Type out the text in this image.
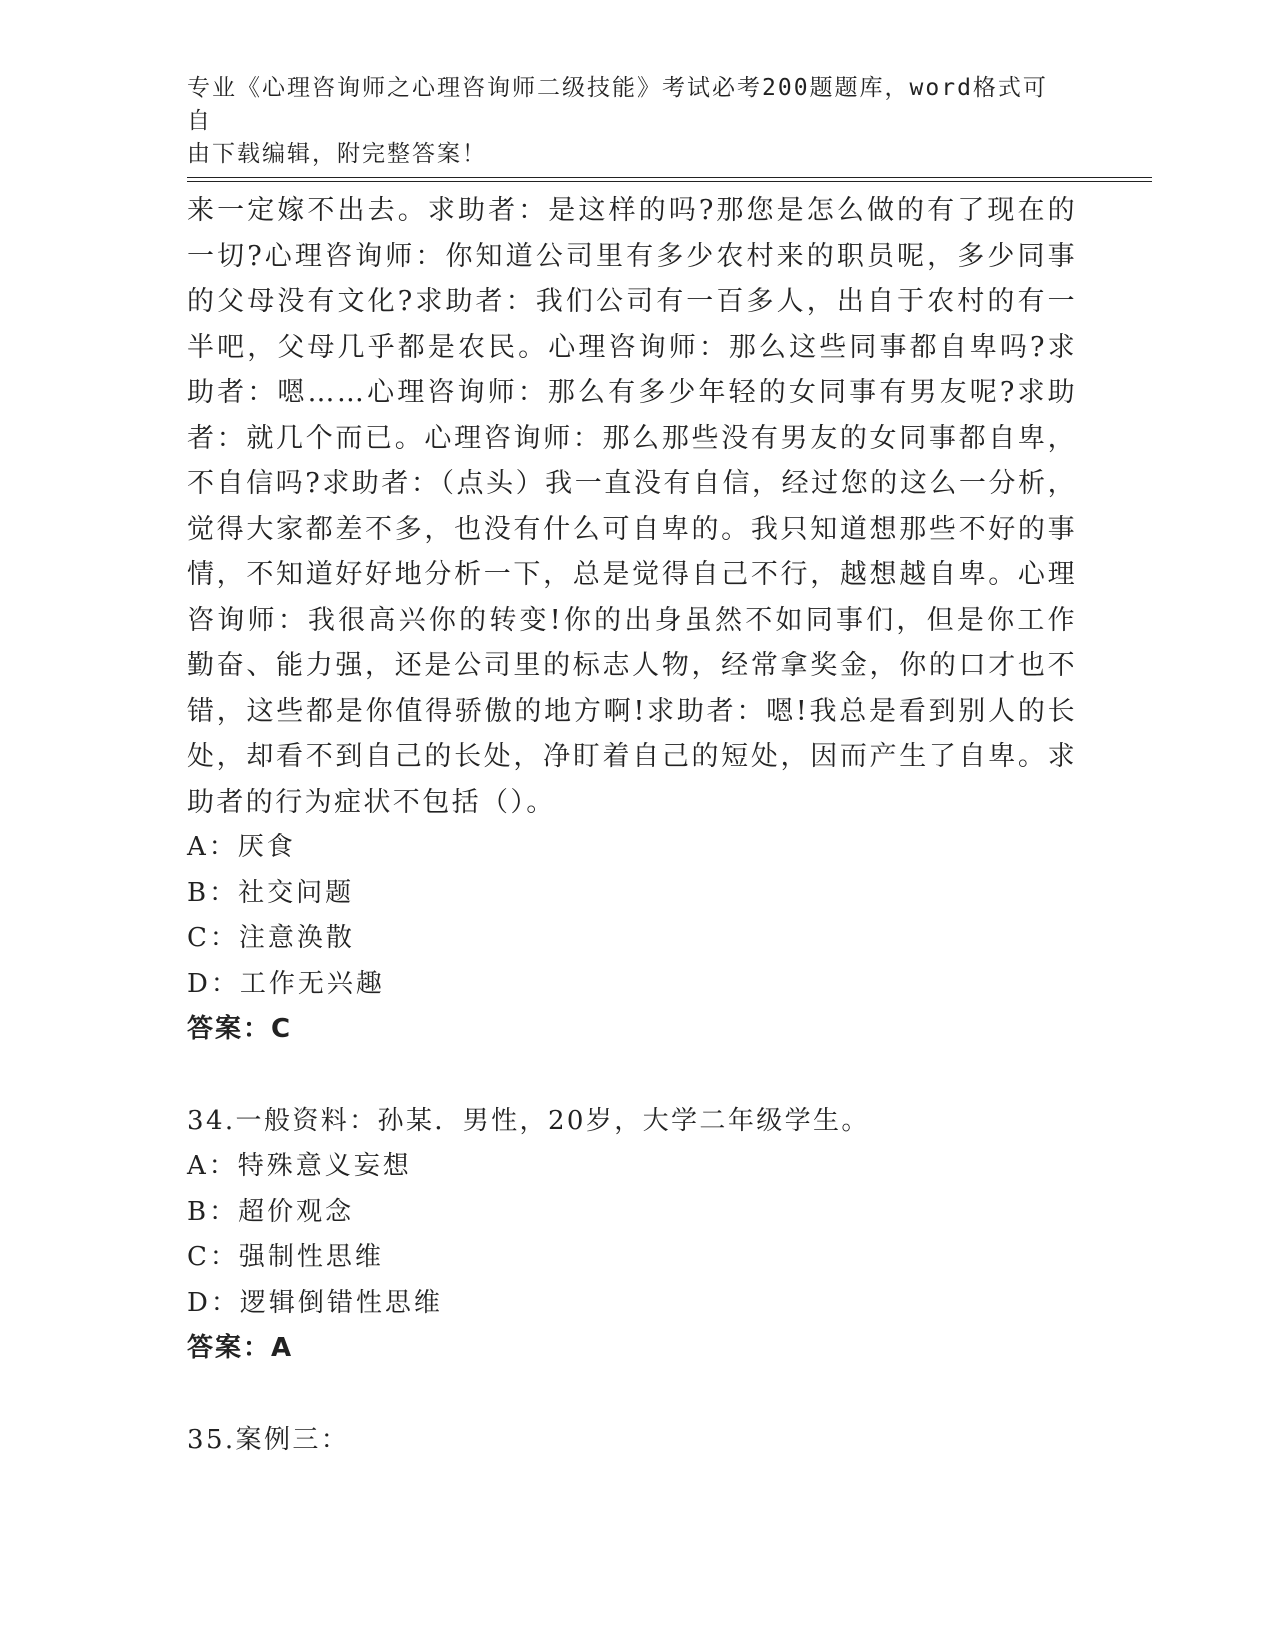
专业《心理咨询师之心理咨询师二级技能》考试必考200题题库，word格式可自
由下载编辑，附完整答案！

来一定嫁不出去。求助者：是这样的吗?那您是怎么做的有了现在的一切?心理咨询师：你知道公司里有多少农村来的职员呢，多少同事的父母没有文化?求助者：我们公司有一百多人，出自于农村的有一半吧，父母几乎都是农民。心理咨询师：那么这些同事都自卑吗?求助者：嗯……心理咨询师：那么有多少年轻的女同事有男友呢?求助者：就几个而已。心理咨询师：那么那些没有男友的女同事都自卑，不自信吗?求助者：（点头）我一直没有自信，经过您的这么一分析，觉得大家都差不多，也没有什么可自卑的。我只知道想那些不好的事情，不知道好好地分析一下，总是觉得自己不行，越想越自卑。心理咨询师：我很高兴你的转变!你的出身虽然不如同事们，但是你工作勤奋、能力强，还是公司里的标志人物，经常拿奖金，你的口才也不错，这些都是你值得骄傲的地方啊!求助者：嗯!我总是看到别人的长处，却看不到自己的长处，净盯着自己的短处，因而产生了自卑。求助者的行为症状不包括（）。

A：厌食

B：社交问题

C：注意涣散

D：工作无兴趣

答案：C

34.一般资料：孙某．男性，20岁，大学二年级学生。

A：特殊意义妄想

B：超价观念

C：强制性思维

D：逻辑倒错性思维

答案：A

35.案例三：
